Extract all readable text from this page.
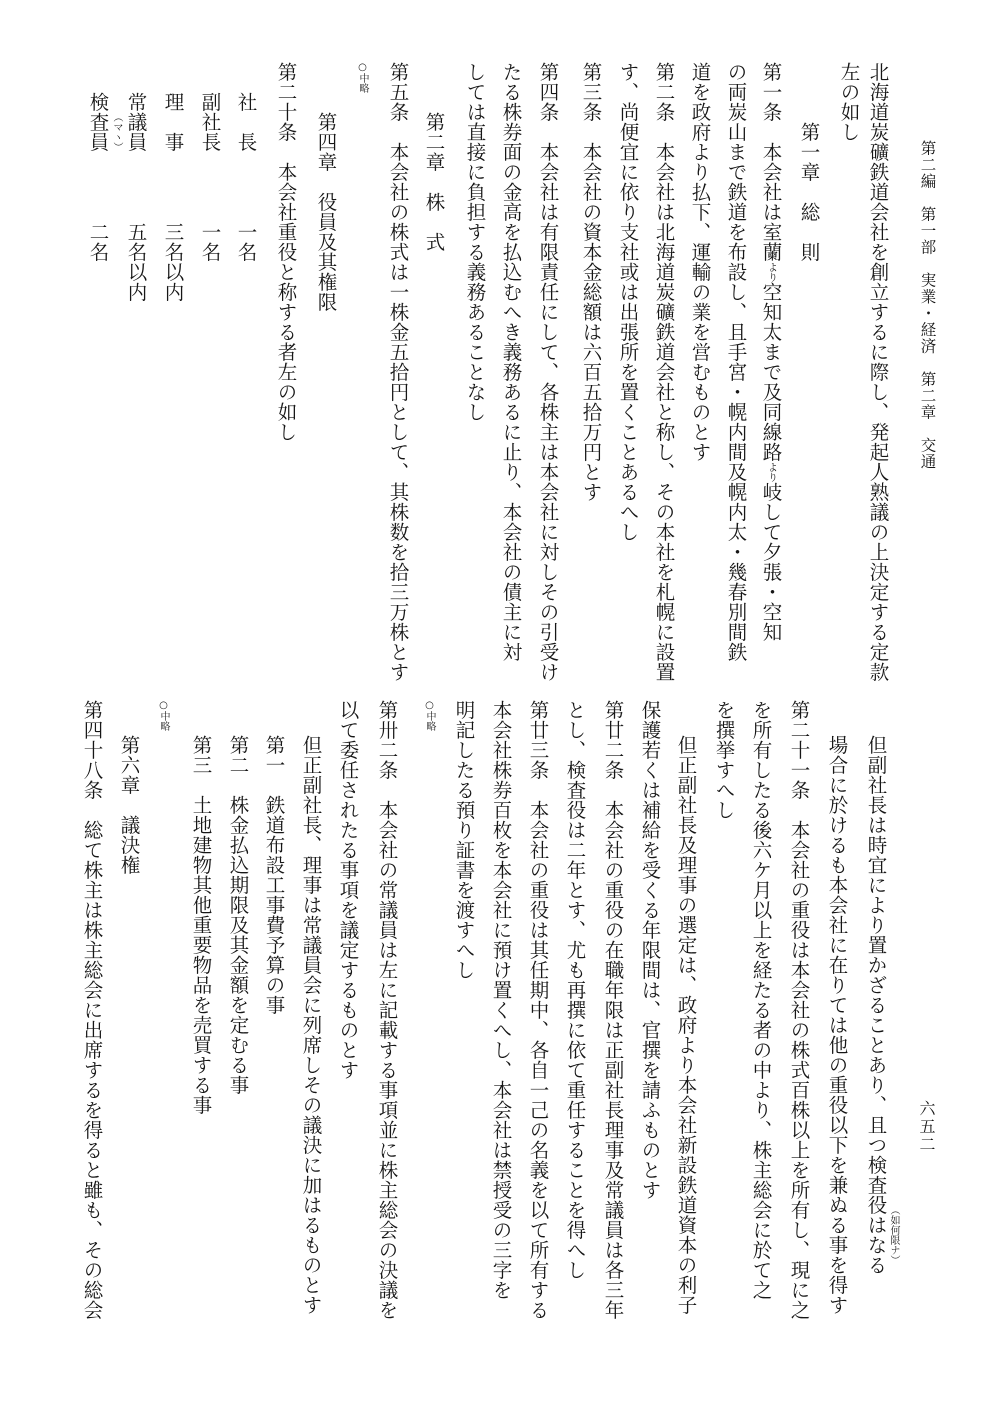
第二編　第一部　実業・経済　第二章　交通
六五二
北海道炭礦鉄道会社を創立するに際し、発起人熟議の上決定する定款
左の如し
第一章　総　則
第一条　本会社は室蘭より空知太まで及同線路より岐して夕張・空知
の両炭山まで鉄道を布設し、且手宮・幌内間及幌内太・幾春別間鉄
道を政府より払下、運輸の業を営むものとす
第二条　本会社は北海道炭礦鉄道会社と称し、その本社を札幌に設置
す、尚便宜に依り支社或は出張所を置くことあるへし
第三条　本会社の資本金総額は六百五拾万円とす
第四条　本会社は有限責任にして、各株主は本会社に対しその引受け
たる株券面の金高を払込むへき義務あるに止り、本会社の債主に対
しては直接に負担する義務あることなし
第二章　株　式
第五条　本会社の株式は一株金五拾円として、其株数を拾三万株とす
○中略
第四章　役員及其権限
第二十条　本会社重役と称する者左の如し
社　長
一名
副社長
一名
理　事
三名以内
常議員
五名以内
検査員 （マヽ）
二名
但副社長は時宜により置かざることあり、且つ検査役はなる （如何限ナ）
場合に於けるも本会社に在りては他の重役以下を兼ぬる事を得す
第二十一条　本会社の重役は本会社の株式百株以上を所有し、現に之
を所有したる後六ケ月以上を経たる者の中より、株主総会に於て之
を撰挙すへし
但正副社長及理事の選定は、政府より本会社新設鉄道資本の利子
保護若くは補給を受くる年限間は、官撰を請ふものとす
第廿二条　本会社の重役の在職年限は正副社長理事及常議員は各三年
とし、検査役は二年とす、尤も再撰に依て重任することを得へし
第廿三条　本会社の重役は其任期中、各自一己の名義を以て所有する
本会社株券百枚を本会社に預け置くへし、本会社は禁授受の三字を
明記したる預り証書を渡すへし
○中略
第卅二条　本会社の常議員は左に記載する事項並に株主総会の決議を
以て委任されたる事項を議定するものとす
但正副社長、理事は常議員会に列席しその議決に加はるものとす
第一　鉄道布設工事費予算の事
第二　株金払込期限及其金額を定むる事
第三　土地建物其他重要物品を売買する事
○中略
第六章　議決権
第四十八条　総て株主は株主総会に出席するを得ると雖も、その総会
